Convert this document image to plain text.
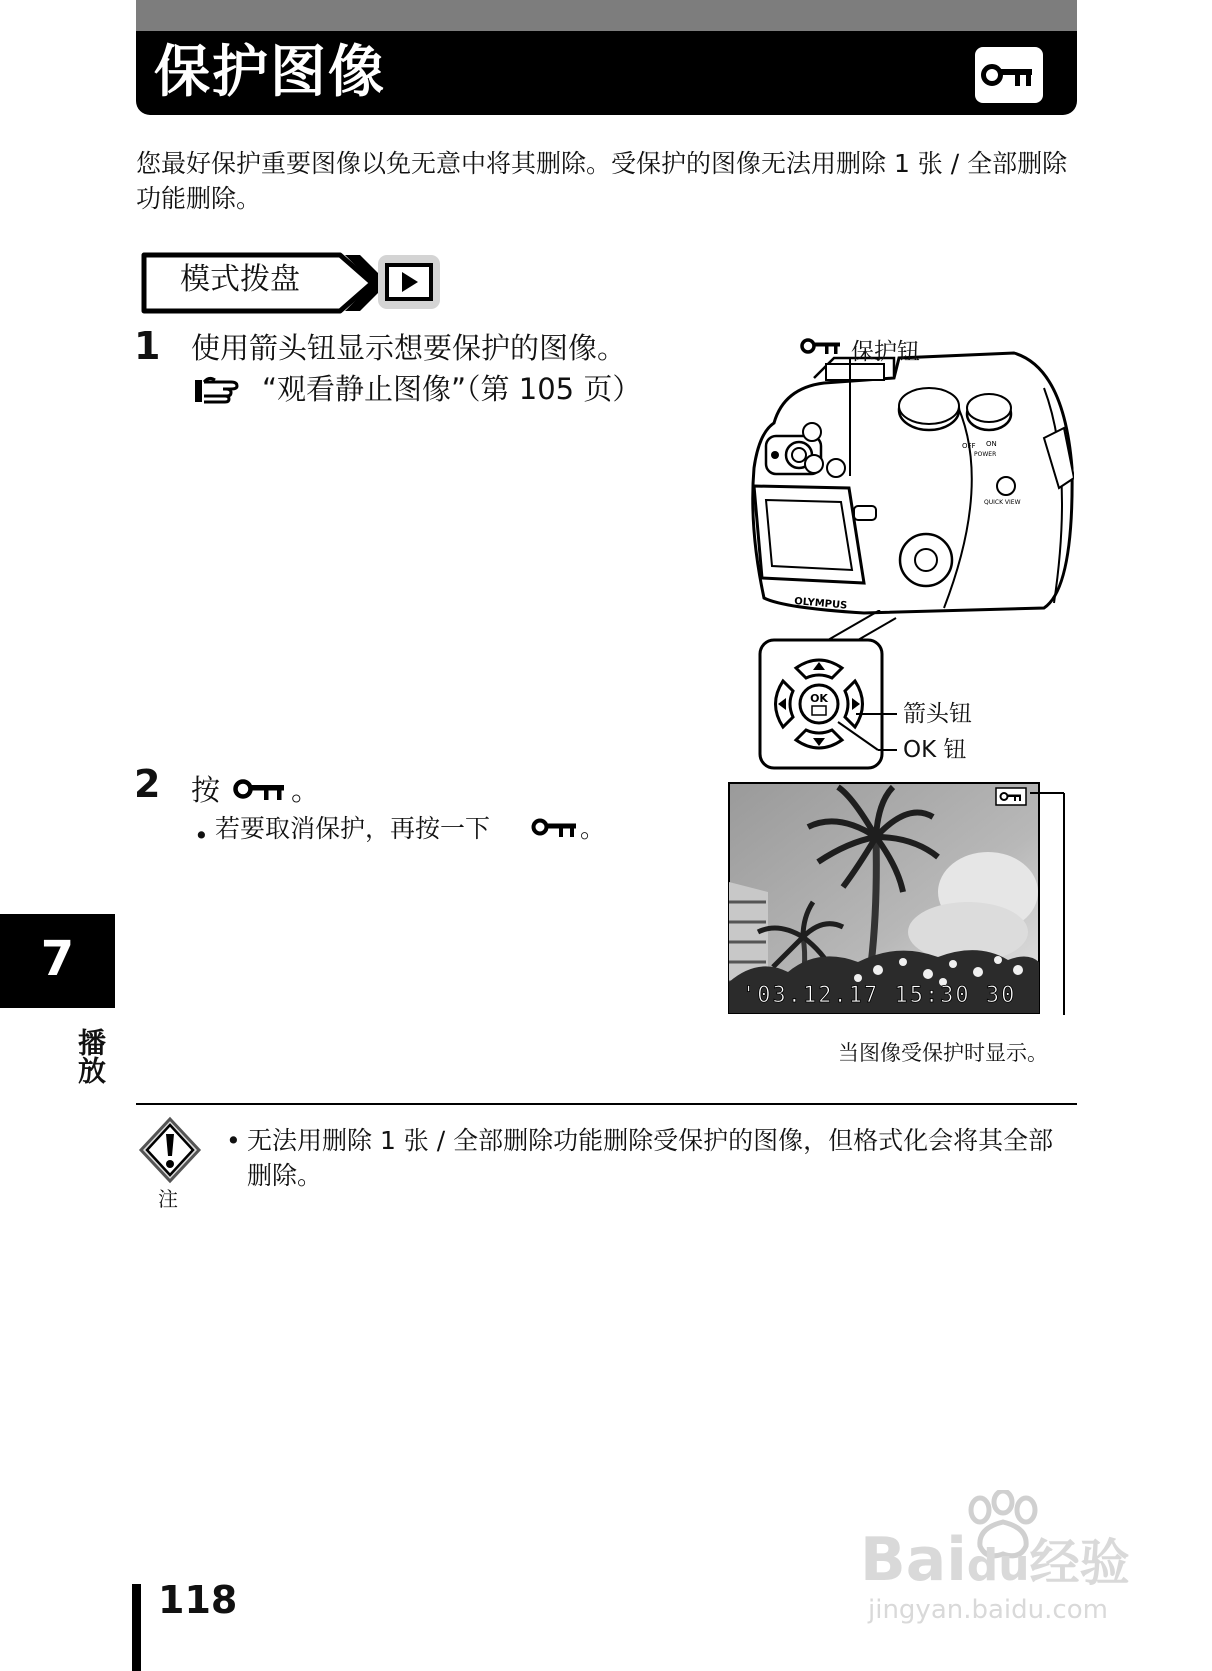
保护图像
您最好保护重要图像以免无意中将其删除。受保护的图像无法用删除 1 张 ∕ 全部删除功能删除。
模式拨盘
1 使用箭头钮显示想要保护的图像。
“观看静止图像”（第 105 页）
OLYMPUS
OFF ON
POWER
QUICK VIEW
保护钮
OK
箭头钮
OK 钮
2 按 。
• 若要取消保护，再按一下	。
'03.12.17 15:30 30
当图像受保护时显示。
7
播放
注
• 无法用删除 1 张 ∕ 全部删除功能删除受保护的图像，但格式化会将其全部删除。
118
Baidu经验
jingyan.baidu.com
